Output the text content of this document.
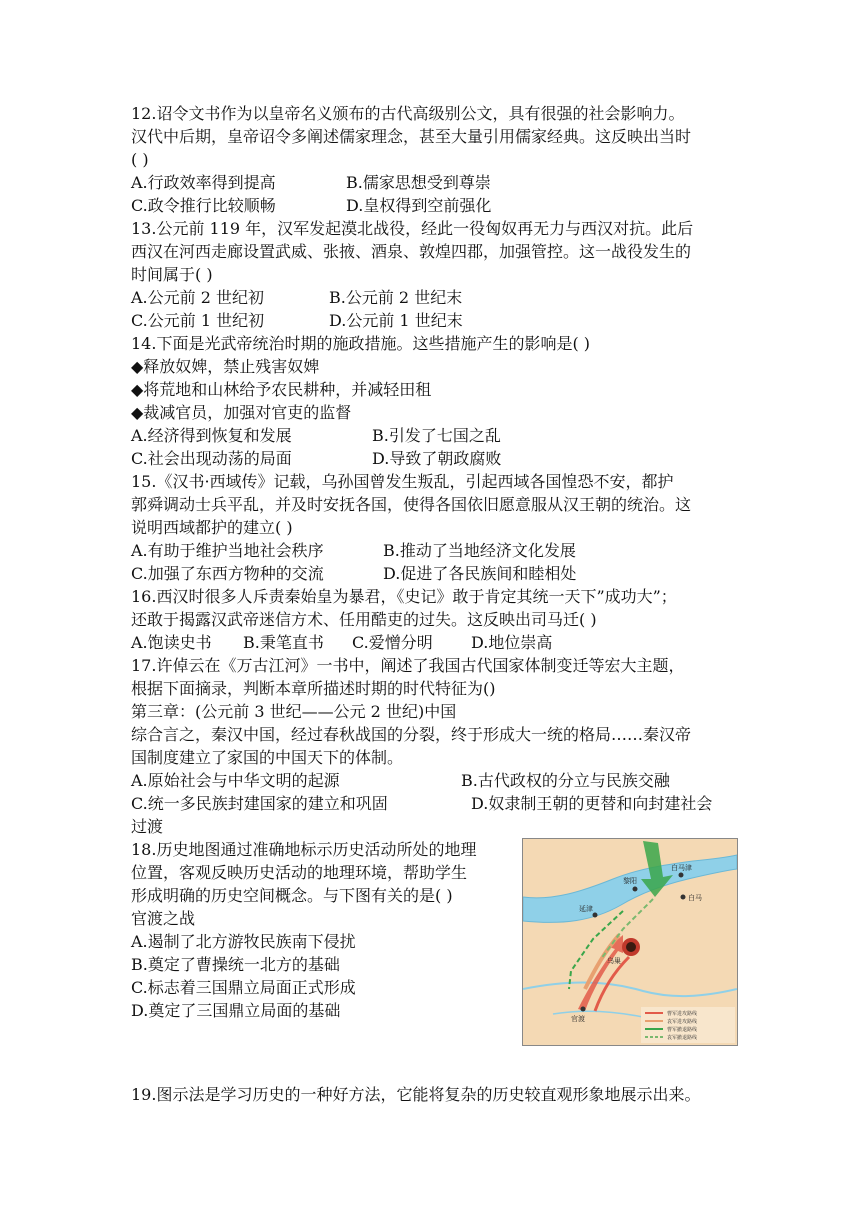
12.诏令文书作为以皇帝名义颁布的古代高级别公文，具有很强的社会影响力。
汉代中后期，皇帝诏令多阐述儒家理念，甚至大量引用儒家经典。这反映出当时
( )
A.行政效率得到提高	B.儒家思想受到尊崇
C.政令推行比较顺畅	D.皇权得到空前强化
13.公元前 119 年，汉军发起漠北战役，经此一役匈奴再无力与西汉对抗。此后
西汉在河西走廊设置武威、张掖、酒泉、敦煌四郡，加强管控。这一战役发生的
时间属于( )
A.公元前 2 世纪初	B.公元前 2 世纪末
C.公元前 1 世纪初	D.公元前 1 世纪末
14.下面是光武帝统治时期的施政措施。这些措施产生的影响是( )
◆释放奴婢，禁止残害奴婢
◆将荒地和山林给予农民耕种，并减轻田租
◆裁减官员，加强对官吏的监督
A.经济得到恢复和发展	B.引发了七国之乱
C.社会出现动荡的局面	D.导致了朝政腐败
15.《汉书·西域传》记载，乌孙国曾发生叛乱，引起西域各国惶恐不安，都护
郭舜调动士兵平乱，并及时安抚各国，使得各国依旧愿意服从汉王朝的统治。这
说明西域都护的建立( )
A.有助于维护当地社会秩序	B.推动了当地经济文化发展
C.加强了东西方物种的交流	D.促进了各民族间和睦相处
16.西汉时很多人斥责秦始皇为暴君，《史记》敢于肯定其统一天下”成功大”；
还敢于揭露汉武帝迷信方术、任用酷吏的过失。这反映出司马迁( )
A.饱读史书 B.秉笔直书 C.爱憎分明 D.地位崇高
17.许倬云在《万古江河》一书中，阐述了我国古代国家体制变迁等宏大主题，
根据下面摘录，判断本章所描述时期的时代特征为()
第三章：(公元前 3 世纪——公元 2 世纪)中国
综合言之，秦汉中国，经过春秋战国的分裂，终于形成大一统的格局……秦汉帝
国制度建立了家国的中国天下的体制。
A.原始社会与中华文明的起源	B.古代政权的分立与民族交融
C.统一多民族封建国家的建立和巩固	D.奴隶制王朝的更替和向封建社会
过渡
18.历史地图通过准确地标示历史活动所处的地理
位置，客观反映历史活动的地理环境，帮助学生
形成明确的历史空间概念。与下图有关的是( )
官渡之战
A.遏制了北方游牧民族南下侵扰
B.奠定了曹操统一北方的基础
C.标志着三国鼎立局面正式形成
D.奠定了三国鼎立局面的基础
黎阳
白马津
白马
延津
乌巢
官渡
曹军进攻路线
袁军进攻路线
曹军撤退路线
袁军撤退路线
19.图示法是学习历史的一种好方法，它能将复杂的历史较直观形象地展示出来。
